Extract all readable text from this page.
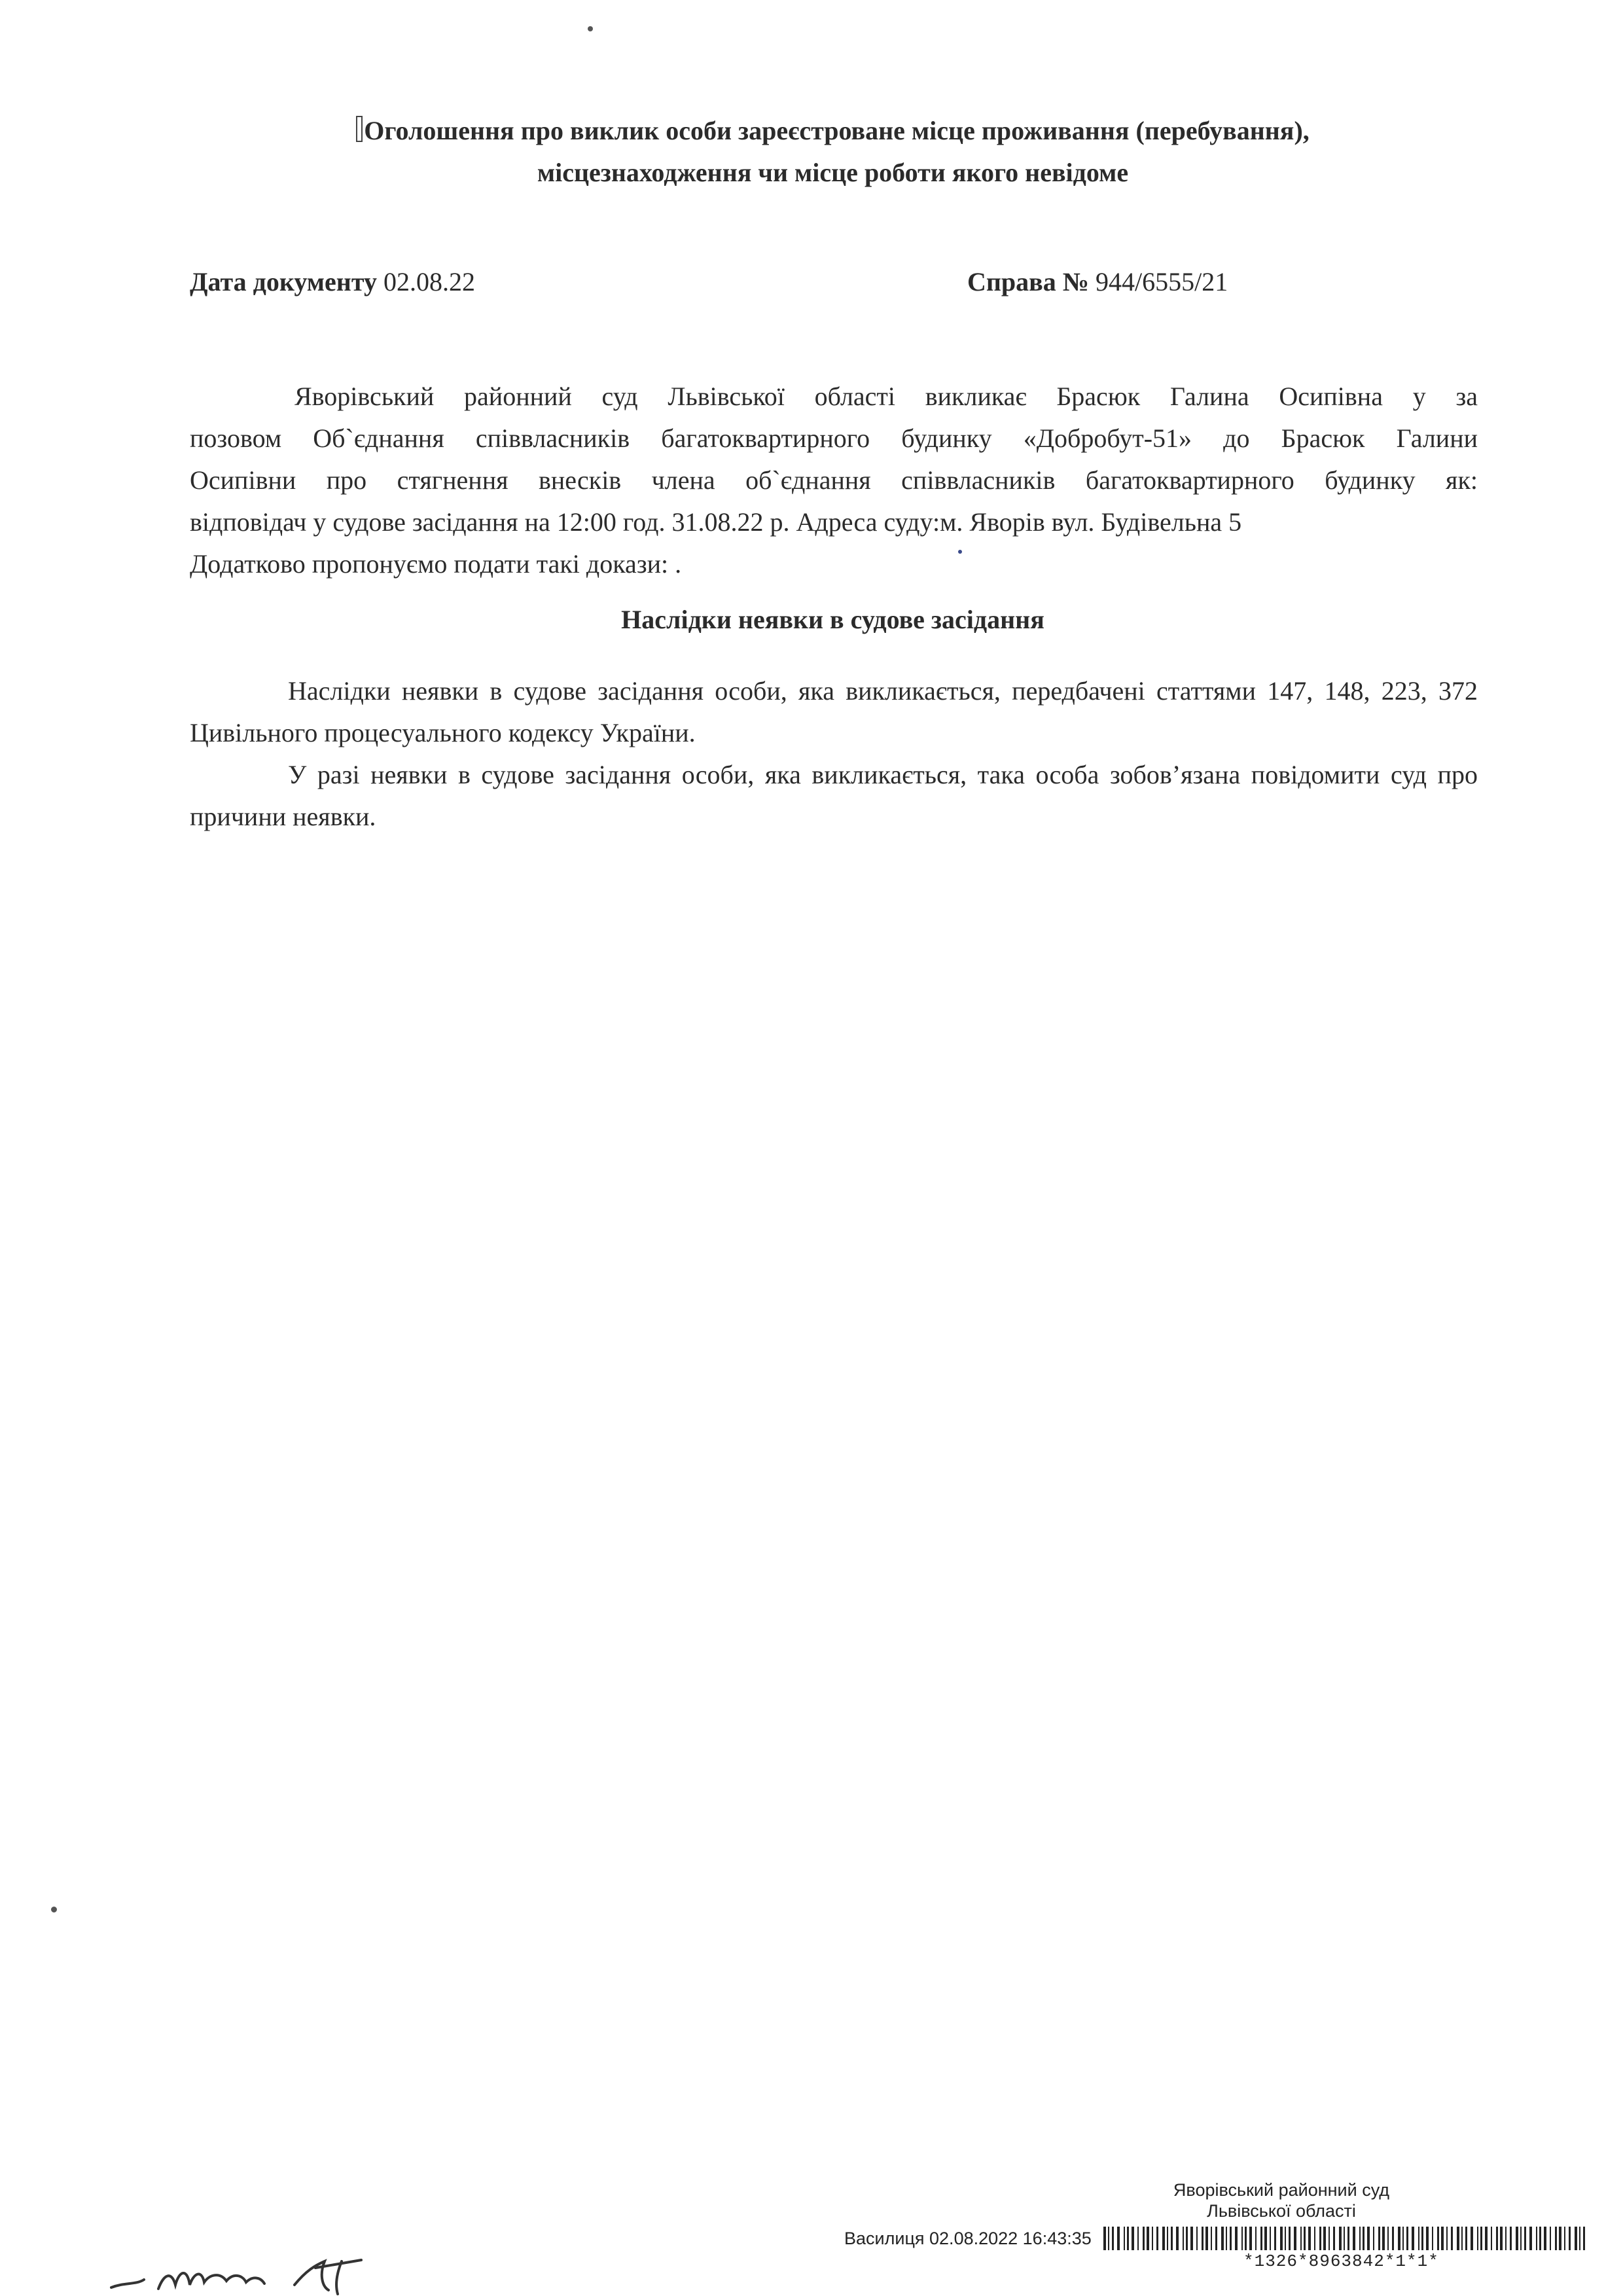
Оголошення про виклик особи зареєстроване місце проживання (перебування),
місцезнаходження чи місце роботи якого невідоме
Дата документу 02.08.22	Справа № 944/6555/21
Яворівський районний суд Львівської області викликає Брасюк Галина Осипівна у за
позовом Об`єднання співвласників багатоквартирного будинку «Добробут-51» до Брасюк Галини
Осипівни про стягнення внесків члена об`єднання співвласників багатоквартирного будинку як:
відповідач у судове засідання на 12:00 год. 31.08.22 р. Адреса суду:м. Яворів вул. Будівельна 5
Додатково пропонуємо подати такі докази: .
Наслідки неявки в судове засідання
Наслідки неявки в судове засідання особи, яка викликається, передбачені статтями 147, 148, 223, 372 Цивільного процесуального кодексу України.
У разі неявки в судове засідання особи, яка викликається, така особа зобов’язана повідомити суд про причини неявки.
Яворівський районний суд
Львівської області
Василиця 02.08.2022 16:43:35
*1326*8963842*1*1*
